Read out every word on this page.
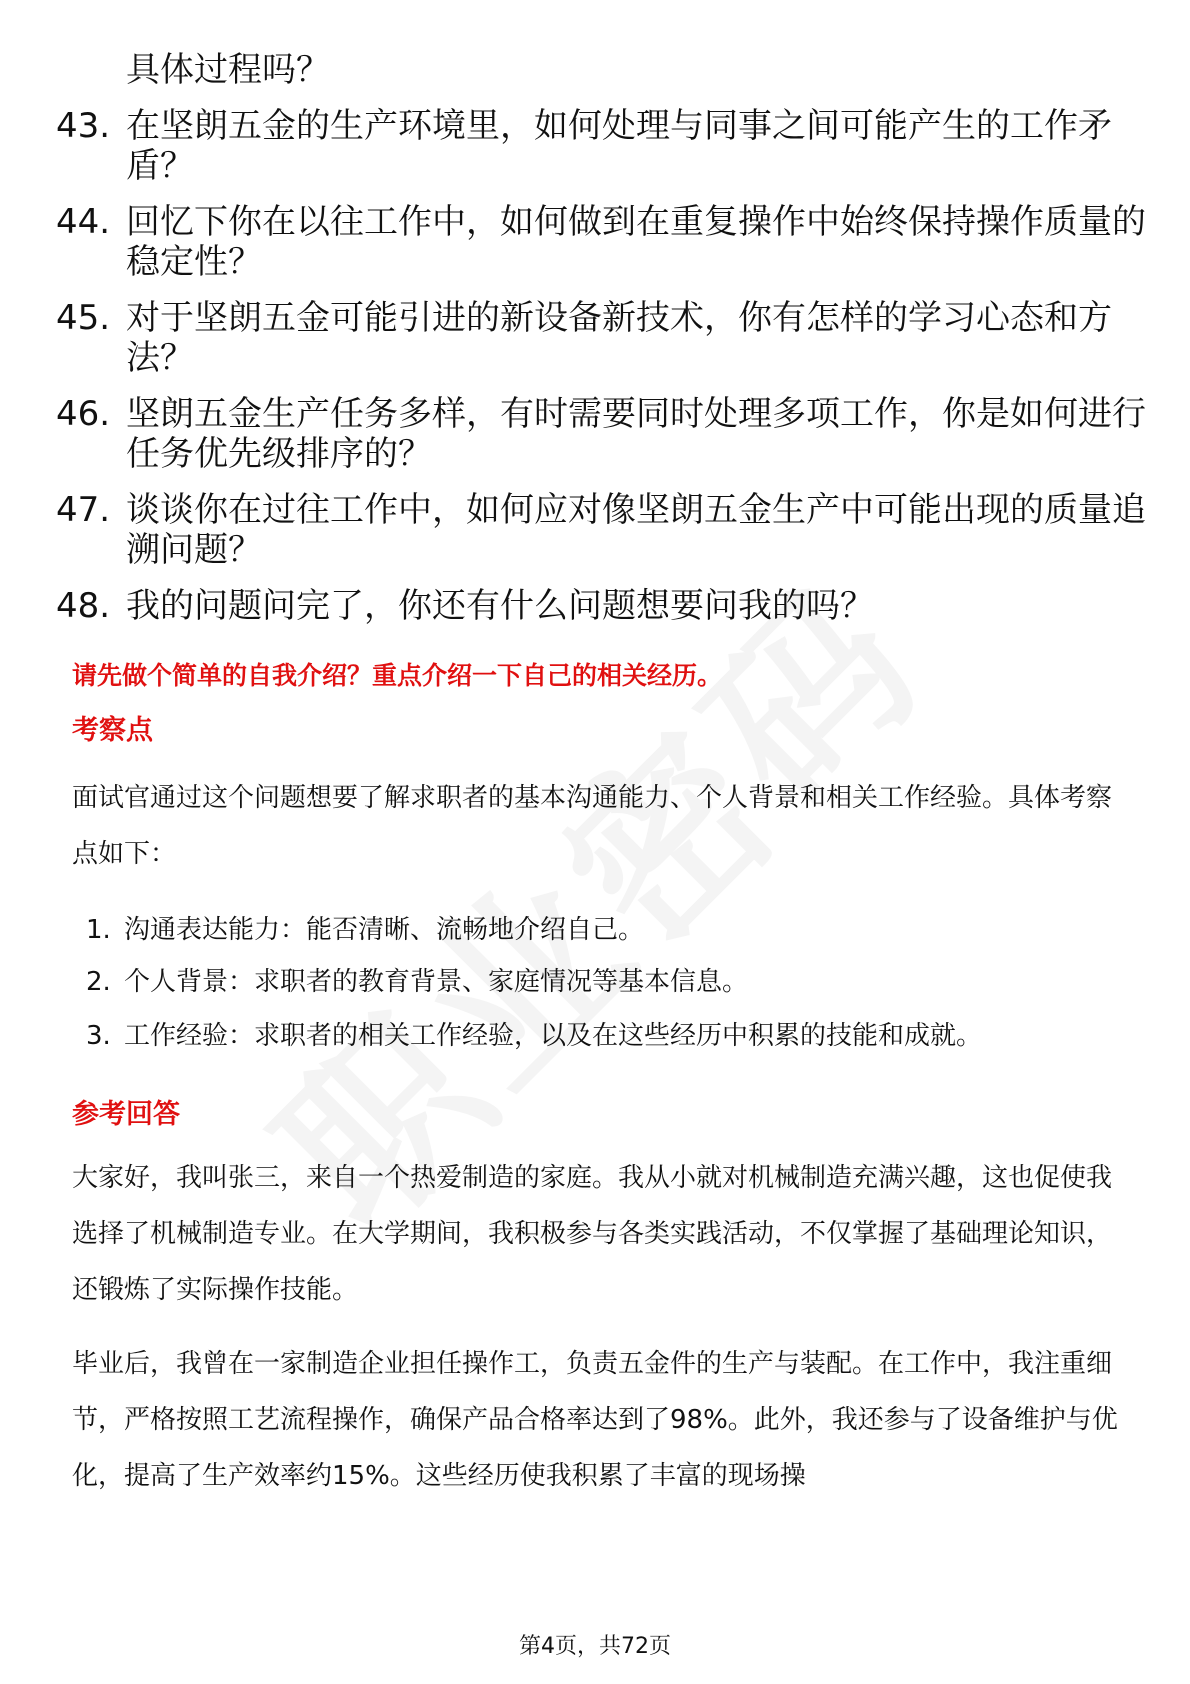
具体过程吗？
43. 在坚朗五金的生产环境里，如何处理与同事之间可能产生的工作矛盾？
44. 回忆下你在以往工作中，如何做到在重复操作中始终保持操作质量的稳定性？
45. 对于坚朗五金可能引进的新设备新技术，你有怎样的学习心态和方法？
46. 坚朗五金生产任务多样，有时需要同时处理多项工作，你是如何进行任务优先级排序的？
47. 谈谈你在过往工作中，如何应对像坚朗五金生产中可能出现的质量追溯问题？
48. 我的问题问完了，你还有什么问题想要问我的吗？
请先做个简单的自我介绍？重点介绍一下自己的相关经历。
考察点
面试官通过这个问题想要了解求职者的基本沟通能力、个人背景和相关工作经验。具体考察点如下：
1. 沟通表达能力：能否清晰、流畅地介绍自己。
2. 个人背景：求职者的教育背景、家庭情况等基本信息。
3. 工作经验：求职者的相关工作经验，以及在这些经历中积累的技能和成就。
参考回答
大家好，我叫张三，来自一个热爱制造的家庭。我从小就对机械制造充满兴趣，这也促使我选择了机械制造专业。在大学期间，我积极参与各类实践活动，不仅掌握了基础理论知识，还锻炼了实际操作技能。
毕业后，我曾在一家制造企业担任操作工，负责五金件的生产与装配。在工作中，我注重细节，严格按照工艺流程操作，确保产品合格率达到了98%。此外，我还参与了设备维护与优化，提高了生产效率约15%。这些经历使我积累了丰富的现场操
第4页，共72页
